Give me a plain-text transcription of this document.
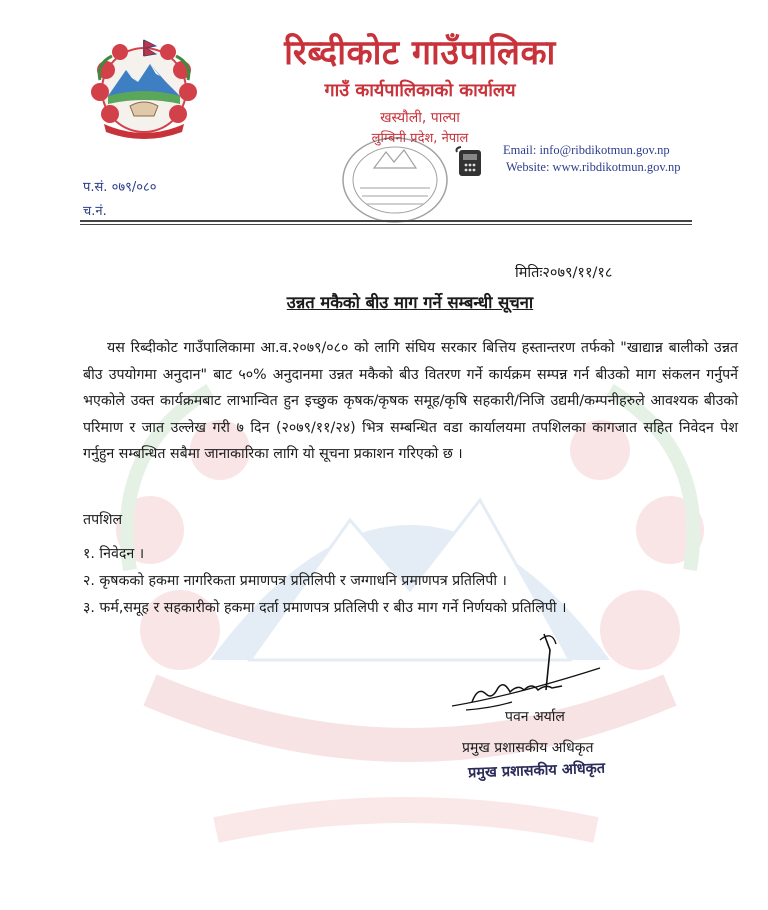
रिब्दीकोट गाउँपालिका
गाउँ कार्यपालिकाको कार्यालय
खस्यौली, पाल्पा
लुम्बिनी प्रदेश, नेपाल
Email: info@ribdikotmun.gov.np
Website: www.ribdikotmun.gov.np
प.सं. ०७९/०८०
च.नं.
मितिः२०७९/११/१८
उन्नत मकैको बीउ माग गर्ने सम्बन्धी सूचना
यस रिब्दीकोट गाउँपालिकामा आ.व.२०७९/०८० को लागि संघिय सरकार बित्तिय हस्तान्तरण तर्फको "खाद्यान्न बालीको उन्नत बीउ उपयोगमा अनुदान" बाट ५०% अनुदानमा उन्नत मकैको बीउ वितरण गर्ने कार्यक्रम सम्पन्न गर्न बीउको माग संकलन गर्नुपर्ने भएकोले उक्त कार्यक्रमबाट लाभान्वित हुन इच्छुक कृषक/कृषक समूह/कृषि सहकारी/निजि उद्यमी/कम्पनीहरुले आवश्यक बीउको परिमाण र जात उल्लेख गरी ७ दिन (२०७९/११/२४) भित्र सम्बन्धित वडा कार्यालयमा तपशिलका कागजात सहित निवेदन पेश गर्नुहुन सम्बन्धित सबैमा जानाकारिका लागि यो सूचना प्रकाशन गरिएको छ ।
तपशिल
१. निवेदन ।
२. कृषकको हकमा नागरिकता प्रमाणपत्र प्रतिलिपी र जग्गाधनि प्रमाणपत्र प्रतिलिपी ।
३. फर्म,समूह र सहकारीको हकमा दर्ता प्रमाणपत्र प्रतिलिपी र बीउ माग गर्ने निर्णयको प्रतिलिपी ।
पवन अर्याल
प्रमुख प्रशासकीय अधिकृत
प्रमुख प्रशासकीय अधिकृत
